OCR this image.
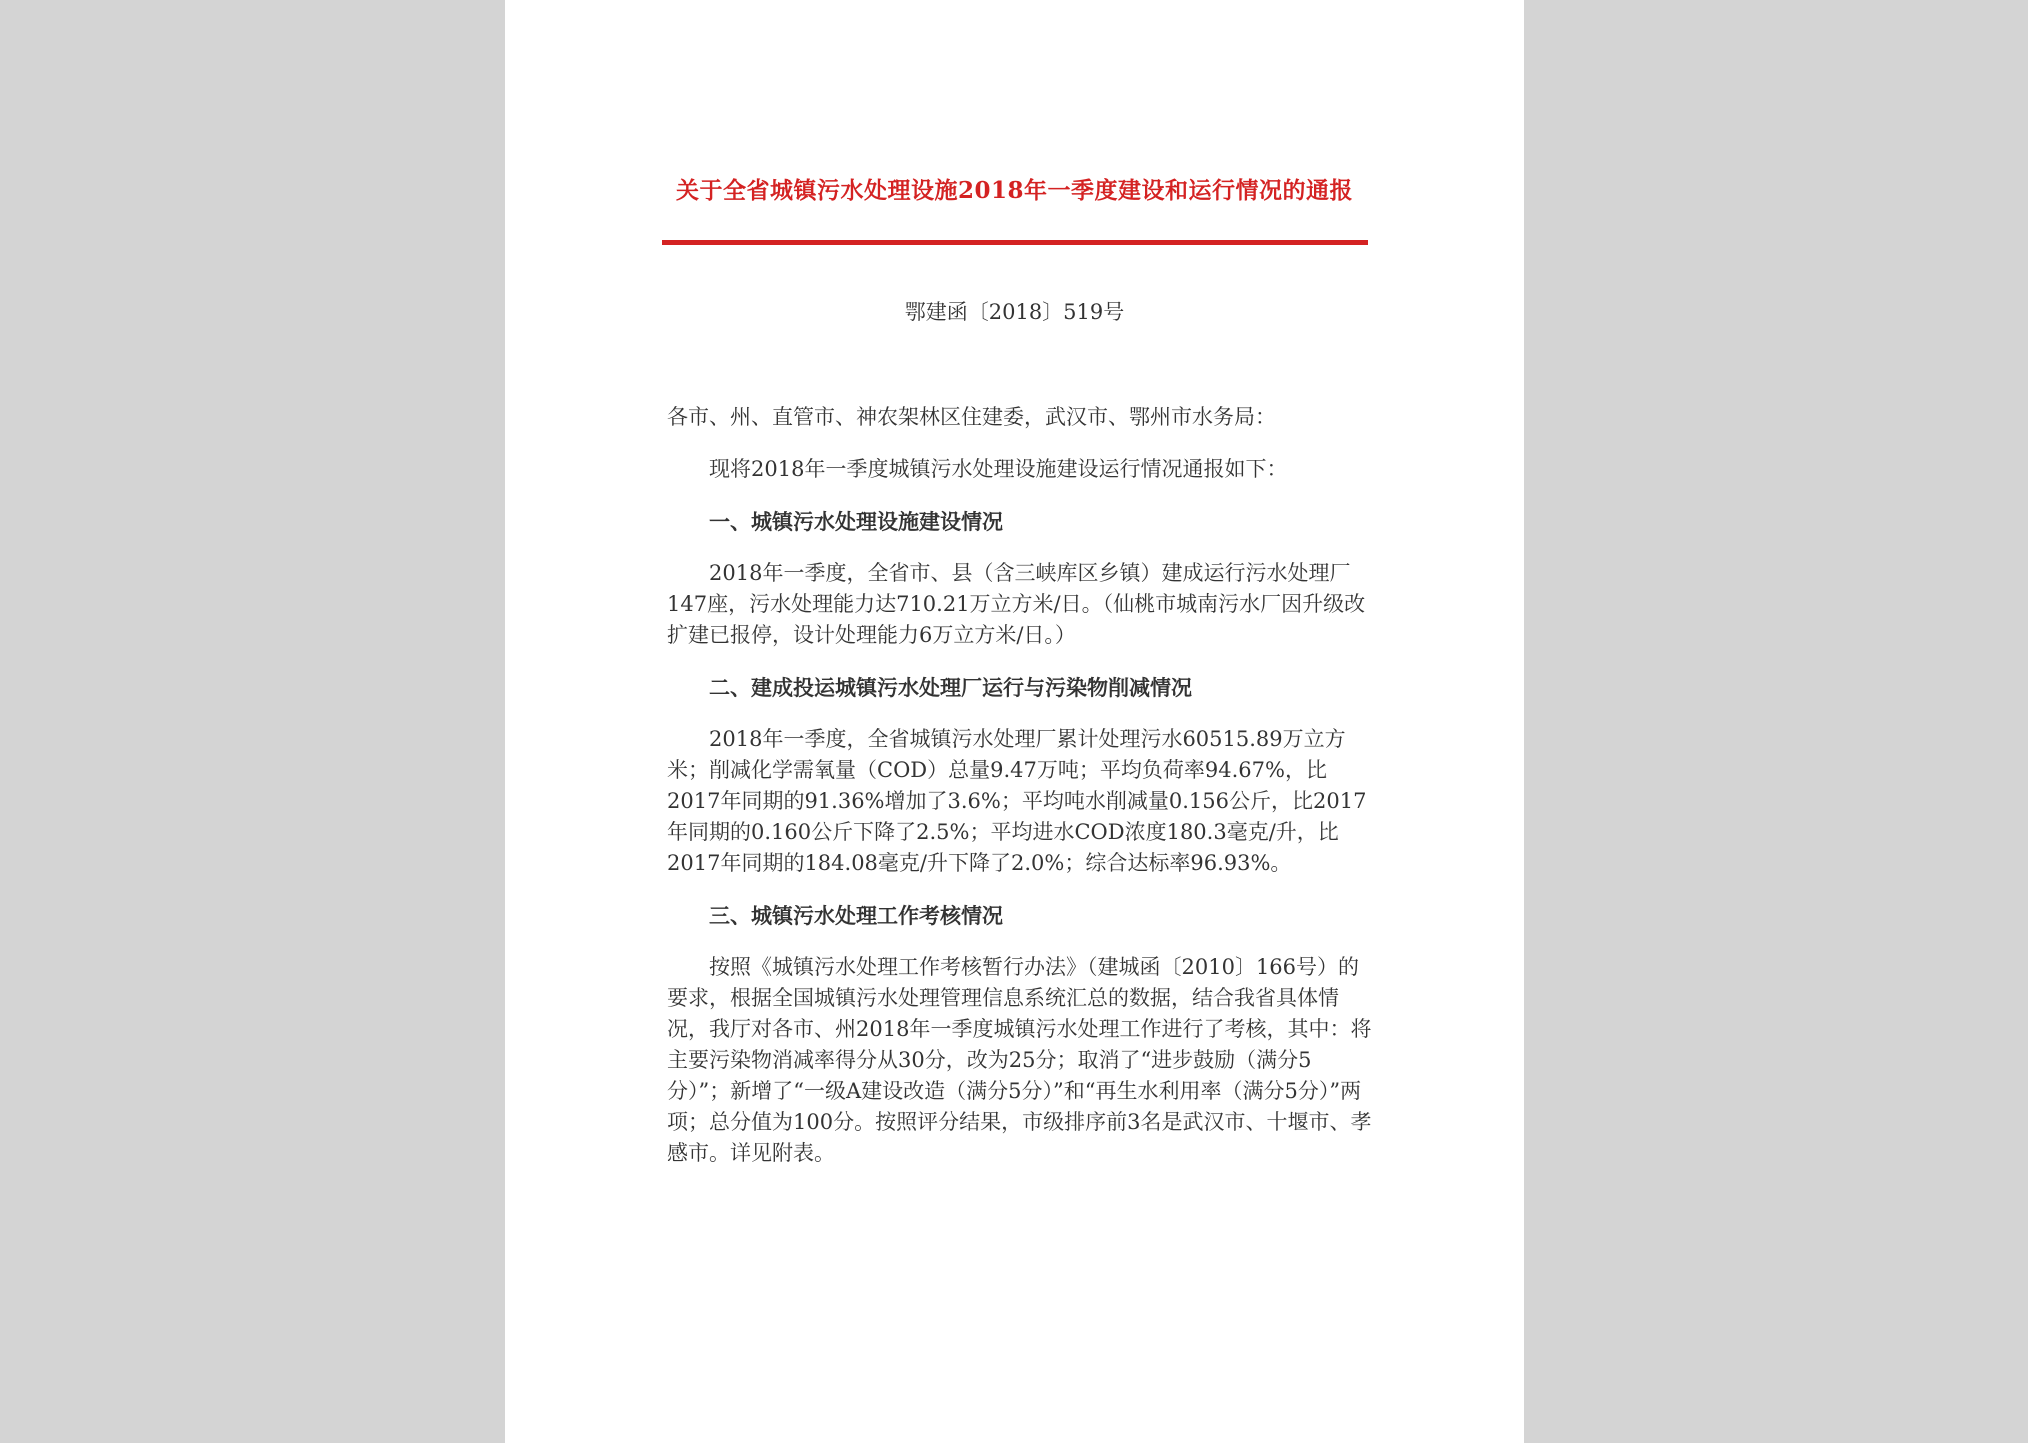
关于全省城镇污水处理设施2018年一季度建设和运行情况的通报
鄂建函〔2018〕519号

各市、州、直管市、神农架林区住建委，武汉市、鄂州市水务局：

现将2018年一季度城镇污水处理设施建设运行情况通报如下：

一、城镇污水处理设施建设情况

2018年一季度，全省市、县（含三峡库区乡镇）建成运行污水处理厂147座，污水处理能力达710.21万立方米/日。（仙桃市城南污水厂因升级改扩建已报停，设计处理能力6万立方米/日。）

二、建成投运城镇污水处理厂运行与污染物削减情况

2018年一季度，全省城镇污水处理厂累计处理污水60515.89万立方米；削减化学需氧量（COD）总量9.47万吨；平均负荷率94.67%，比2017年同期的91.36%增加了3.6%；平均吨水削减量0.156公斤，比2017年同期的0.160公斤下降了2.5%；平均进水COD浓度180.3毫克/升，比2017年同期的184.08毫克/升下降了2.0%；综合达标率96.93%。

三、城镇污水处理工作考核情况

按照《城镇污水处理工作考核暂行办法》（建城函〔2010〕166号）的要求，根据全国城镇污水处理管理信息系统汇总的数据，结合我省具体情况，我厅对各市、州2018年一季度城镇污水处理工作进行了考核，其中：将主要污染物消减率得分从30分，改为25分；取消了“进步鼓励（满分5分）”；新增了“一级A建设改造（满分5分）”和“再生水利用率（满分5分）”两项；总分值为100分。按照评分结果，市级排序前3名是武汉市、十堰市、孝感市。详见附表。
